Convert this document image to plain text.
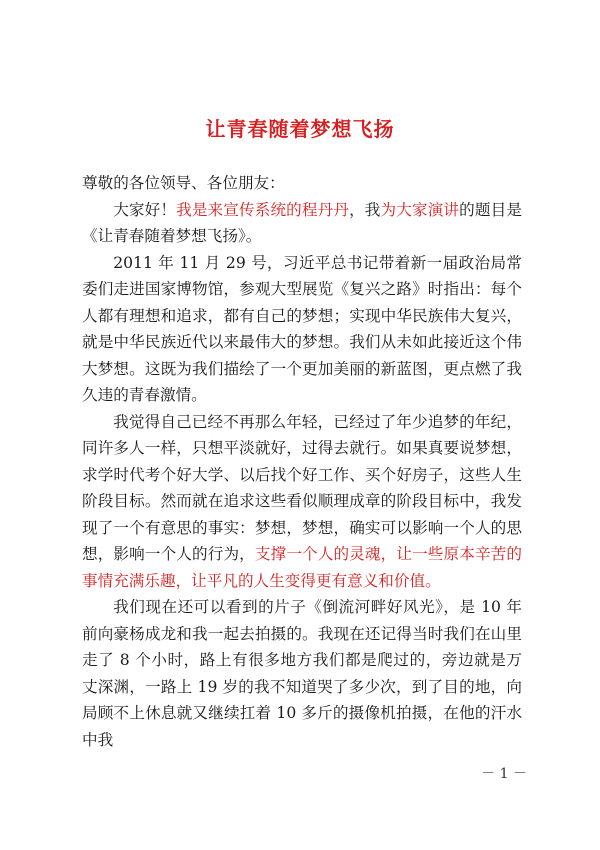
让青春随着梦想飞扬

尊敬的各位领导、各位朋友：

大家好！我是来宣传系统的程丹丹，我为大家演讲的题目是《让青春随着梦想飞扬》。

2011 年 11 月 29 号，习近平总书记带着新一届政治局常委们走进国家博物馆，参观大型展览《复兴之路》时指出：每个人都有理想和追求，都有自己的梦想；实现中华民族伟大复兴，就是中华民族近代以来最伟大的梦想。我们从未如此接近这个伟大梦想。这既为我们描绘了一个更加美丽的新蓝图，更点燃了我久违的青春激情。

我觉得自己已经不再那么年轻，已经过了年少追梦的年纪，同许多人一样，只想平淡就好，过得去就行。如果真要说梦想，求学时代考个好大学、以后找个好工作、买个好房子，这些人生阶段目标。然而就在追求这些看似顺理成章的阶段目标中，我发现了一个有意思的事实：梦想，梦想，确实可以影响一个人的思想，影响一个人的行为，支撑一个人的灵魂，让一些原本辛苦的事情充满乐趣，让平凡的人生变得更有意义和价值。

我们现在还可以看到的片子《倒流河畔好风光》，是 10 年前向豪杨成龙和我一起去拍摄的。我现在还记得当时我们在山里走了 8 个小时，路上有很多地方我们都是爬过的，旁边就是万丈深渊，一路上 19 岁的我不知道哭了多少次，到了目的地，向局顾不上休息就又继续扛着 10 多斤的摄像机拍摄，在他的汗水中我

－ 1 －
